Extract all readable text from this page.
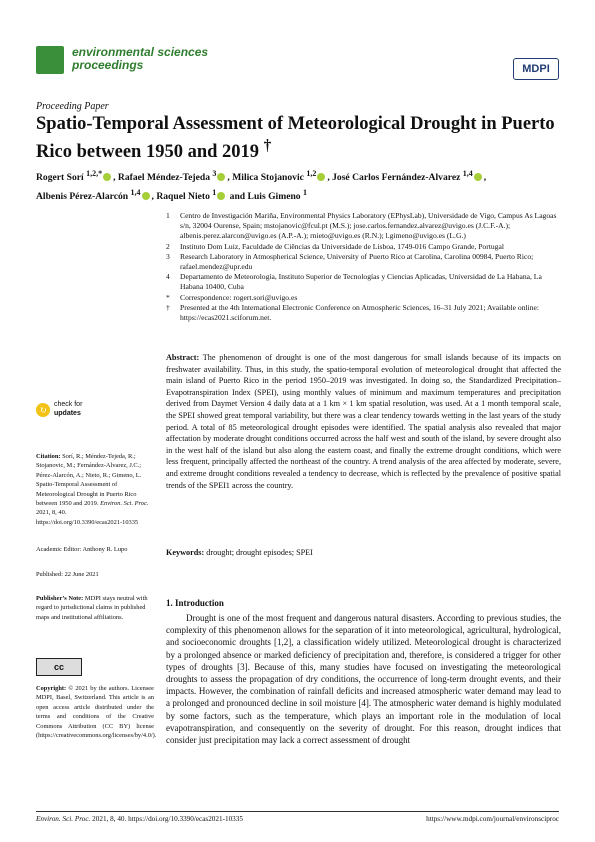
environmental sciences
proceedings	MDPI
Proceeding Paper
Spatio-Temporal Assessment of Meteorological Drought in Puerto Rico between 1950 and 2019 †
Rogert Sorí $^{1,2,*}$ , Rafael Méndez-Tejeda $^3$ , Milica Stojanovic $^{1,2}$ , José Carlos Fernández-Alvarez $^{1,4}$ ,
Albenis Pérez-Alarcón $^{1,4}$ , Raquel Nieto $^1$ and Luis Gimeno $^1$
1	Centro de Investigación Mariña, Environmental Physics Laboratory (EPhysLab), Universidade de Vigo, Campus As Lagoas s/n, 32004 Ourense, Spain; mstojanovic@fcul.pt (M.S.); jose.carlos.fernandez.alvarez@uvigo.es (J.C.F.-A.); albenis.perez.alarcon@uvigo.es (A.P.-A.); rnieto@uvigo.es (R.N.); l.gimeno@uvigo.es (L.G.)
2	Instituto Dom Luiz, Faculdade de Ciências da Universidade de Lisboa, 1749-016 Campo Grande, Portugal
3	Research Laboratory in Atmospherical Science, University of Puerto Rico at Carolina, Carolina 00984, Puerto Rico; rafael.mendez@upr.edu
4	Departamento de Meteorología, Instituto Superior de Tecnologías y Ciencias Aplicadas, Universidad de La Habana, La Habana 10400, Cuba
*	Correspondence: rogert.sori@uvigo.es
†	Presented at the 4th International Electronic Conference on Atmospheric Sciences, 16–31 July 2021; Available online: https://ecas2021.sciforum.net.
Abstract: The phenomenon of drought is one of the most dangerous for small islands because of its impacts on freshwater availability. Thus, in this study, the spatio-temporal evolution of meteorological drought that affected the main island of Puerto Rico in the period 1950–2019 was investigated. In doing so, the Standardized Precipitation–Evapotranspiration Index (SPEI), using monthly values of minimum and maximum temperatures and precipitation derived from Daymet Version 4 daily data at a 1 km × 1 km spatial resolution, was used. At a 1 month temporal scale, the SPEI showed great temporal variability, but there was a clear tendency towards wetting in the last years of the study period. A total of 85 meteorological drought episodes were identified. The spatial analysis also revealed that major affectation by moderate drought conditions occurred across the half west and south of the island, by severe drought also in the west half of the island but also along the eastern coast, and finally the extreme drought conditions, which were less frequent, principally affected the northeast of the country. A trend analysis of the area affected by moderate, severe, and extreme drought conditions revealed a tendency to decrease, which is reflected by the prevalence of positive spatial trends of the SPEI1 across the country.
Keywords: drought; drought episodes; SPEI
↻
check for
updates
Citation: Sorí, R.; Méndez-Tejeda, R.; Stojanovic, M.; Fernández-Alvarez, J.C.; Pérez-Alarcón, A.; Nieto, R.; Gimeno, L. Spatio-Temporal Assessment of Meteorological Drought in Puerto Rico between 1950 and 2019. Environ. Sci. Proc. 2021, 8, 40. https://doi.org/10.3390/ecas2021-10335
Academic Editor: Anthony R. Lupo
Published: 22 June 2021
Publisher’s Note: MDPI stays neutral with regard to jurisdictional claims in published maps and institutional affiliations.
cc
Copyright: © 2021 by the authors. Licensee MDPI, Basel, Switzerland. This article is an open access article distributed under the terms and conditions of the Creative Commons Attribution (CC BY) license (https://creativecommons.org/licenses/by/4.0/).
1. Introduction

Drought is one of the most frequent and dangerous natural disasters. According to previous studies, the complexity of this phenomenon allows for the separation of it into meteorological, agricultural, hydrological, and socioeconomic droughts [1,2], a classification widely utilized. Meteorological drought is characterized by a prolonged absence or marked deficiency of precipitation and, therefore, is considered a trigger for other types of droughts [3]. Because of this, many studies have focused on investigating the meteorological droughts to assess the propagation of dry conditions, the occurrence of long-term drought events, and their impacts. However, the combination of rainfall deficits and increased atmospheric water demand may lead to a prolonged and pronounced decline in soil moisture [4]. The atmospheric water demand is highly modulated by some factors, such as the temperature, which plays an important role in the modulation of local evapotranspiration, and consequently on the severity of drought. For this reason, drought indices that consider just precipitation may lack a correct assessment of drought

Environ. Sci. Proc. 2021, 8, 40. https://doi.org/10.3390/ecas2021-10335	https://www.mdpi.com/journal/environsciproc
